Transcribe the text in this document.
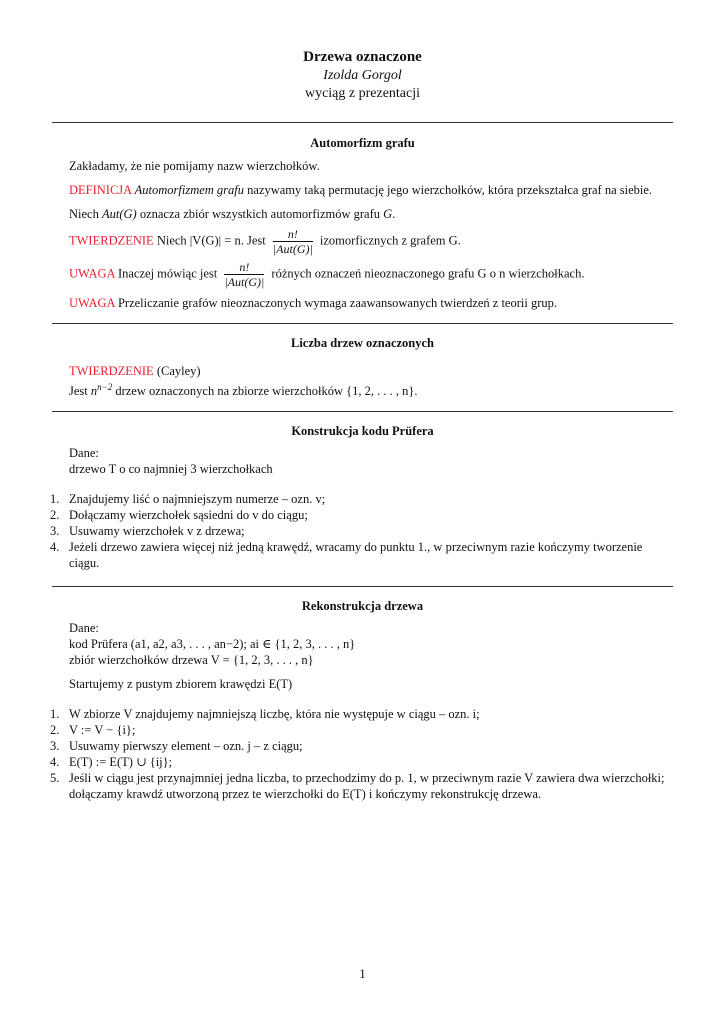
Drzewa oznaczone
Izolda Gorgol
wyciąg z prezentacji
Automorfizm grafu
Zakładamy, że nie pomijamy nazw wierzchołków.
DEFINICJA Automorfizmem grafu nazywamy taką permutację jego wierzchołków, która przekształca graf na siebie.
Niech Aut(G) oznacza zbiór wszystkich automorfizmów grafu G.
TWIERDZENIE Niech |V(G)| = n. Jest $\frac{n!}{\text{|Aut(G)|}}$ izomorficznych z grafem G.
UWAGA Inaczej mówiąc jest $\frac{n!}{\text{|Aut(G)|}}$ różnych oznaczeń nieoznaczonego grafu G o n wierzchołkach.
UWAGA Przeliczanie grafów nieoznaczonych wymaga zaawansowanych twierdzeń z teorii grup.
Liczba drzew oznaczonych
TWIERDZENIE (Cayley)
Jest $n^{n-2}$ drzew oznaczonych na zbiorze wierzchołków {1, 2, . . . , n}.
Konstrukcja kodu Prüfera
Dane:
drzewo T o co najmniej 3 wierzchołkach
1. Znajdujemy liść o najmniejszym numerze – ozn. v;
2. Dołączamy wierzchołek sąsiedni do v do ciągu;
3. Usuwamy wierzchołek v z drzewa;
4. Jeżeli drzewo zawiera więcej niż jedną krawędź, wracamy do punktu 1., w przeciwnym razie kończymy tworzenie ciągu.
Rekonstrukcja drzewa
Dane:
kod Prüfera (a1, a2, a3, . . . , an−2); ai ∈ {1, 2, 3, . . . , n}
zbiór wierzchołków drzewa V = {1, 2, 3, . . . , n}
Startujemy z pustym zbiorem krawędzi E(T)
1. W zbiorze V znajdujemy najmniejszą liczbę, która nie występuje w ciągu – ozn. i;
2. V := V − {i};
3. Usuwamy pierwszy element – ozn. j – z ciągu;
4. E(T) := E(T) ∪ {ij};
5. Jeśli w ciągu jest przynajmniej jedna liczba, to przechodzimy do p. 1, w przeciwnym razie V zawiera dwa wierzchołki; dołączamy krawdź utworzoną przez te wierzchołki do E(T) i kończymy rekonstrukcję drzewa.
1
